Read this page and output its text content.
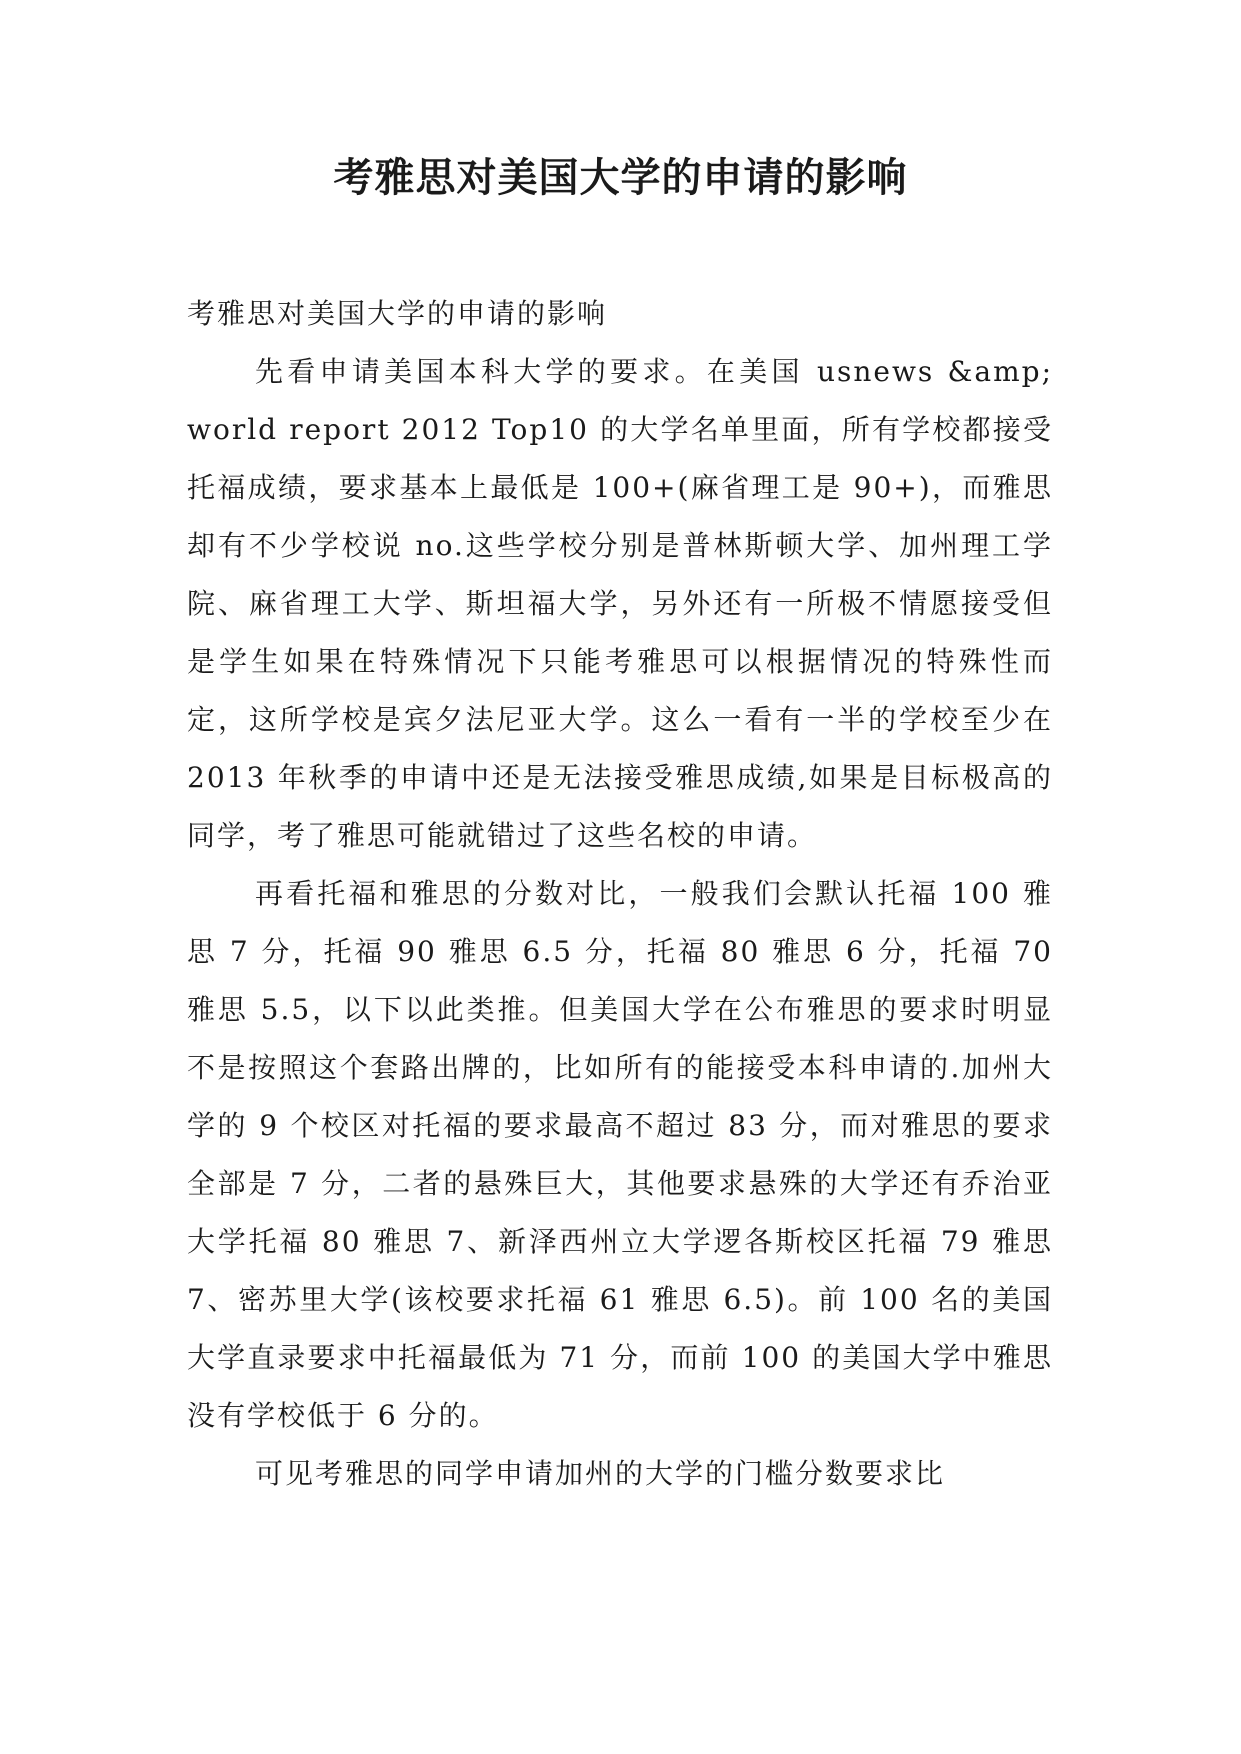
考雅思对美国大学的申请的影响

考雅思对美国大学的申请的影响

先看申请美国本科大学的要求。在美国 usnews &amp; world report 2012 Top10 的大学名单里面，所有学校都接受托福成绩，要求基本上最低是 100+(麻省理工是 90+)，而雅思却有不少学校说 no.这些学校分别是普林斯顿大学、加州理工学院、麻省理工大学、斯坦福大学，另外还有一所极不情愿接受但是学生如果在特殊情况下只能考雅思可以根据情况的特殊性而定，这所学校是宾夕法尼亚大学。这么一看有一半的学校至少在 2013 年秋季的申请中还是无法接受雅思成绩,如果是目标极高的同学，考了雅思可能就错过了这些名校的申请。

再看托福和雅思的分数对比，一般我们会默认托福 100 雅思 7 分，托福 90 雅思 6.5 分，托福 80 雅思 6 分，托福 70 雅思 5.5，以下以此类推。但美国大学在公布雅思的要求时明显不是按照这个套路出牌的，比如所有的能接受本科申请的.加州大学的 9 个校区对托福的要求最高不超过 83 分，而对雅思的要求全部是 7 分，二者的悬殊巨大，其他要求悬殊的大学还有乔治亚大学托福 80 雅思 7、新泽西州立大学逻各斯校区托福 79 雅思 7、密苏里大学(该校要求托福 61 雅思 6.5)。前 100 名的美国大学直录要求中托福最低为 71 分，而前 100 的美国大学中雅思没有学校低于 6 分的。

可见考雅思的同学申请加州的大学的门槛分数要求比
